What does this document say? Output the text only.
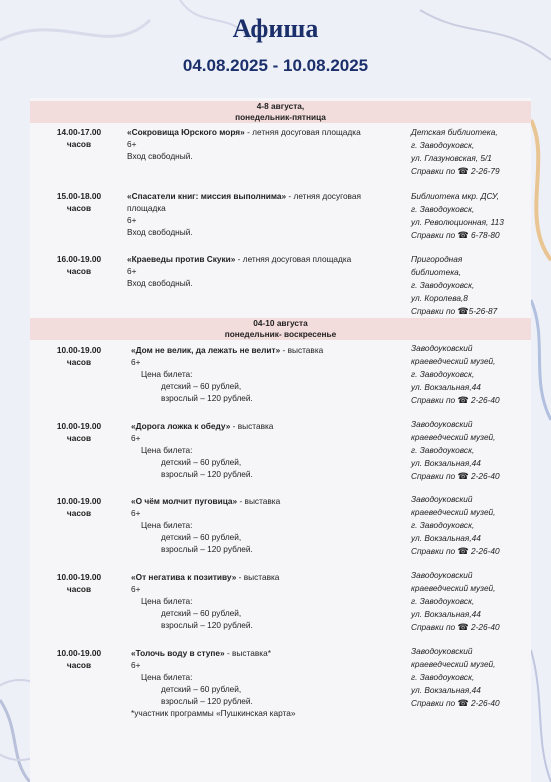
Афиша
04.08.2025 - 10.08.2025
4-8 августа,
понедельник-пятница
14.00-17.00
часов
«Сокровища Юрского моря» - летняя досуговая площадка
6+
Вход свободный.
Детская библиотека,
г. Заводоуковск,
ул. Глазуновская, 5/1
Справки по ☎ 2-26-79
15.00-18.00
часов
«Спасатели книг: миссия выполнима» - летняя досуговая площадка
6+
Вход свободный.
Библиотека мкр. ДСУ,
г. Заводоуковск,
ул. Революционная, 113
Справки по ☎ 6-78-80
16.00-19.00
часов
«Краеведы против Скуки» - летняя досуговая площадка
6+
Вход свободный.
Пригородная
библиотека,
г. Заводоуковск,
ул. Королева,8
Справки по ☎5-26-87
04-10 августа
понедельник- воскресенье
10.00-19.00
часов
«Дом не велик, да лежать не велит» - выставка
6+
Цена билета:
детский – 60 рублей,
взрослый – 120 рублей.
Заводоуковский
краеведческий музей,
г. Заводоуковск,
ул. Вокзальная,44
Справки по ☎ 2-26-40
10.00-19.00
часов
«Дорога ложка к обеду» - выставка
6+
Цена билета:
детский – 60 рублей,
взрослый – 120 рублей.
Заводоуковский
краеведческий музей,
г. Заводоуковск,
ул. Вокзальная,44
Справки по ☎ 2-26-40
10.00-19.00
часов
«О чём молчит пуговица» - выставка
6+
Цена билета:
детский – 60 рублей,
взрослый – 120 рублей.
Заводоуковский
краеведческий музей,
г. Заводоуковск,
ул. Вокзальная,44
Справки по ☎ 2-26-40
10.00-19.00
часов
«От негатива к позитиву» - выставка
6+
Цена билета:
детский – 60 рублей,
взрослый – 120 рублей.
Заводоуковский
краеведческий музей,
г. Заводоуковск,
ул. Вокзальная,44
Справки по ☎ 2-26-40
10.00-19.00
часов
«Толочь воду в ступе» - выставка*
6+
Цена билета:
детский – 60 рублей,
взрослый – 120 рублей.
*участник программы «Пушкинская карта»
Заводоуковский
краеведческий музей,
г. Заводоуковск,
ул. Вокзальная,44
Справки по ☎ 2-26-40
